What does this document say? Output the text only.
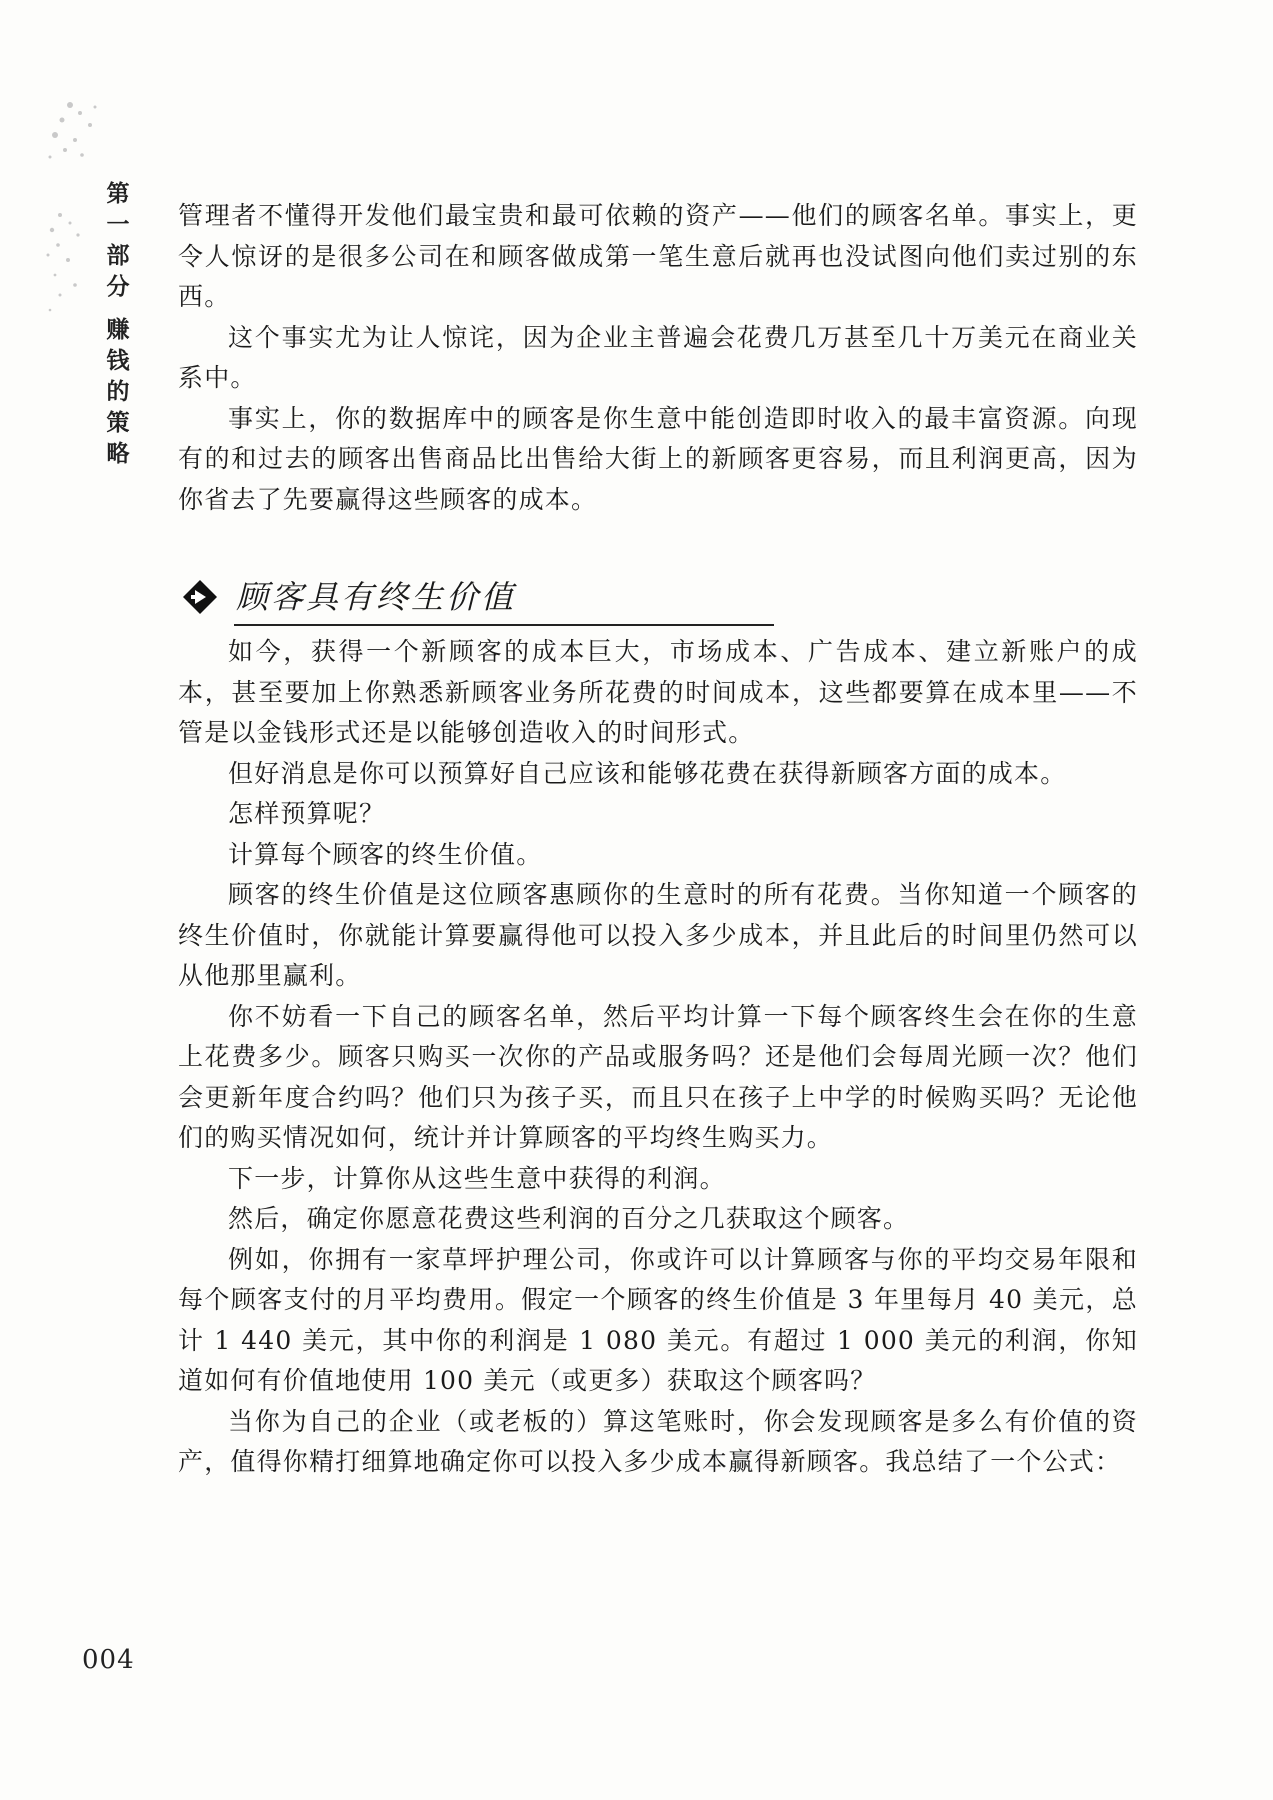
第
一
部
分
赚
钱
的
策
略

管理者不懂得开发他们最宝贵和最可依赖的资产——他们的顾客名单。事实上，更令人惊讶的是很多公司在和顾客做成第一笔生意后就再也没试图向他们卖过别的东西。

这个事实尤为让人惊诧，因为企业主普遍会花费几万甚至几十万美元在商业关系中。

事实上，你的数据库中的顾客是你生意中能创造即时收入的最丰富资源。向现有的和过去的顾客出售商品比出售给大街上的新顾客更容易，而且利润更高，因为你省去了先要赢得这些顾客的成本。

顾客具有终生价值

如今，获得一个新顾客的成本巨大，市场成本、广告成本、建立新账户的成本，甚至要加上你熟悉新顾客业务所花费的时间成本，这些都要算在成本里——不管是以金钱形式还是以能够创造收入的时间形式。

但好消息是你可以预算好自己应该和能够花费在获得新顾客方面的成本。

怎样预算呢？

计算每个顾客的终生价值。

顾客的终生价值是这位顾客惠顾你的生意时的所有花费。当你知道一个顾客的终生价值时，你就能计算要赢得他可以投入多少成本，并且此后的时间里仍然可以从他那里赢利。

你不妨看一下自己的顾客名单，然后平均计算一下每个顾客终生会在你的生意上花费多少。顾客只购买一次你的产品或服务吗？还是他们会每周光顾一次？他们会更新年度合约吗？他们只为孩子买，而且只在孩子上中学的时候购买吗？无论他们的购买情况如何，统计并计算顾客的平均终生购买力。

下一步，计算你从这些生意中获得的利润。

然后，确定你愿意花费这些利润的百分之几获取这个顾客。

例如，你拥有一家草坪护理公司，你或许可以计算顾客与你的平均交易年限和每个顾客支付的月平均费用。假定一个顾客的终生价值是 3 年里每月 40 美元，总计 1 440 美元，其中你的利润是 1 080 美元。有超过 1 000 美元的利润，你知道如何有价值地使用 100 美元（或更多）获取这个顾客吗？

当你为自己的企业（或老板的）算这笔账时，你会发现顾客是多么有价值的资产，值得你精打细算地确定你可以投入多少成本赢得新顾客。我总结了一个公式：

004
